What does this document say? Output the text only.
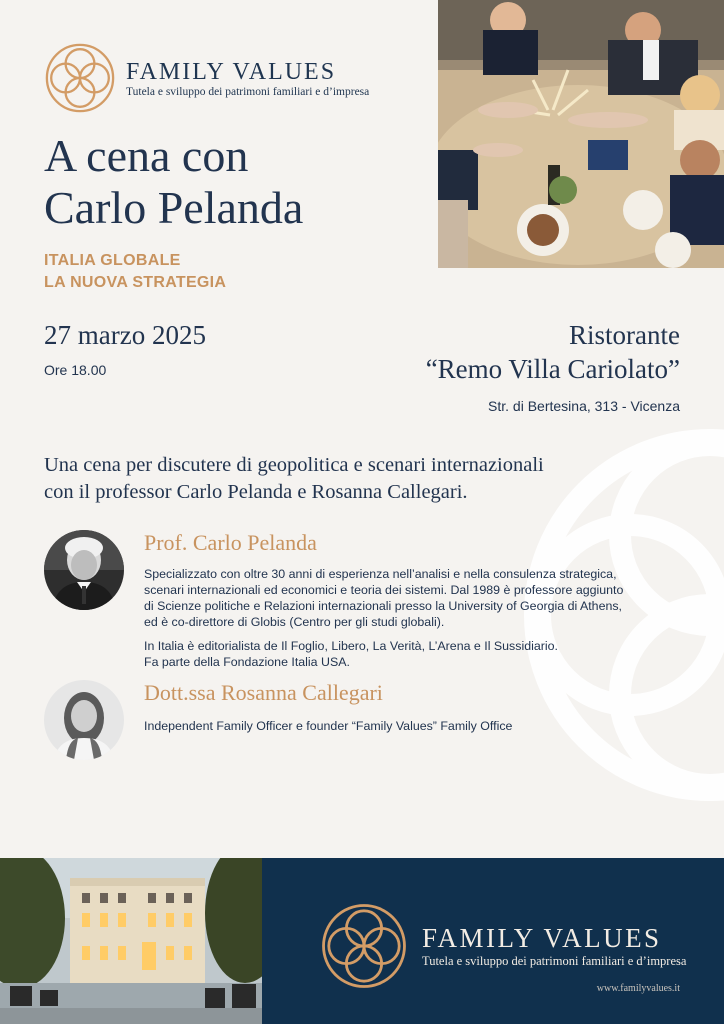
FAMILY VALUES
Tutela e sviluppo dei patrimoni familiari e d’impresa
A cena con
Carlo Pelanda
ITALIA GLOBALE
LA NUOVA STRATEGIA
27 marzo 2025
Ore 18.00
Ristorante
“Remo Villa Cariolato”
Str. di Bertesina, 313 - Vicenza
Una cena per discutere di geopolitica e scenari internazionali
con il professor Carlo Pelanda e Rosanna Callegari.
Prof. Carlo Pelanda

Specializzato con oltre 30 anni di esperienza nell’analisi e nella consulenza strategica,
scenari internazionali ed economici e teoria dei sistemi. Dal 1989 è professore aggiunto
di Scienze politiche e Relazioni internazionali presso la University of Georgia di Athens,
ed è co-direttore di Globis (Centro per gli studi globali).

In Italia è editorialista de Il Foglio, Libero, La Verità, L’Arena e Il Sussidiario.
Fa parte della Fondazione Italia USA.

Dott.ssa Rosanna Callegari
Independent Family Officer e founder “Family Values” Family Office
FAMILY VALUES
Tutela e sviluppo dei patrimoni familiari e d’impresa
www.familyvalues.it
